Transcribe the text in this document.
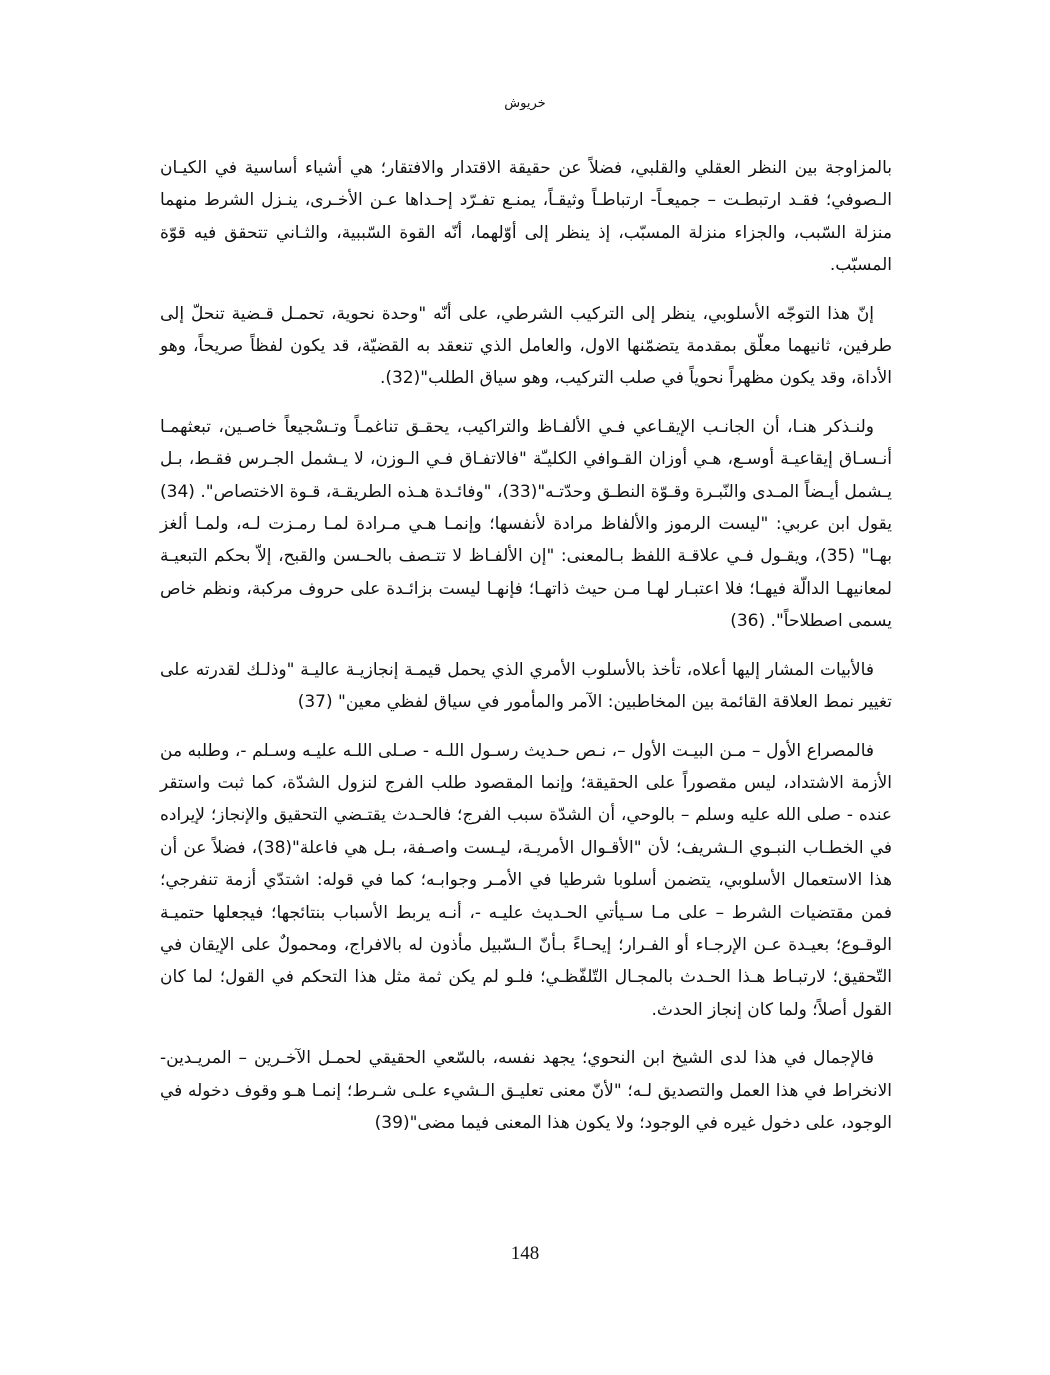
خريوش

بالمزاوجة بين النظر العقلي والقلبي، فضلاً عن حقيقة الاقتدار والافتقار؛ هي أشياء أساسية في الكيـان الـصوفي؛ فقـد ارتبطـت – جميعـاً- ارتباطـاً وثيقـاً، يمنـع تفـرّد إحـداها عـن الأخـرى، ينـزل الشرط منهما منزلة السّبب، والجزاء منزلة المسبّب، إذ ينظر إلى أوّلهما، أنّه القوة السّببية، والثـاني تتحقق فيه قوّة المسبّب.

إنّ هذا التوجّه الأسلوبي، ينظر إلى التركيب الشرطي، على أنّه "وحدة نحوية، تحمـل قـضية تنحلّ إلى طرفين، ثانيهما معلّق بمقدمة يتضمّنها الاول، والعامل الذي تنعقد به القضيّة، قد يكون لفظاً صريحاً، وهو الأداة، وقد يكون مظهراً نحوياً في صلب التركيب، وهو سياق الطلب"(32).

ولنـذكر هنـا، أن الجانـب الإيقـاعي فـي الألفـاظ والتراكيب، يحقـق تناغمـاً وتـسْجيعاً خاصـين، تبعثهمـا أنـسـاق إيقاعيـة أوسـع، هـي أوزان القـوافي الكليـّة "فالاتفـاق فـي الـوزن، لا يـشمل الجـرس فقـط، بـل يـشمل أيـضاً المـدى والنّبـرة وقـوّة النطـق وحدّتـه"(33)، "وفائـدة هـذه الطريقـة، قـوة الاختصاص". (34) يقول ابن عربي: "ليست الرموز والألفاظ مرادة لأنفسها؛ وإنمـا هـي مـرادة لمـا رمـزت لـه، ولمـا ألغز بهـا" (35)، ويقـول فـي علاقـة اللفظ بـالمعنى: "إن الألفـاظ لا تتـصف بالحـسن والقبح، إلاّ بحكم التبعيـة لمعانيهـا الدالّة فيهـا؛ فلا اعتبـار لهـا مـن حيث ذاتهـا؛ فإنهـا ليست بزائـدة على حروف مركبة، ونظم خاص يسمى اصطلاحاً". (36)

فالأبيات المشار إليها أعلاه، تأخذ بالأسلوب الأمري الذي يحمل قيمـة إنجازيـة عاليـة "وذلـك لقدرته على تغيير نمط العلاقة القائمة بين المخاطبين: الآمر والمأمور في سياق لفظي معين" (37)

فالمصراع الأول – مـن البيـت الأول –، نـص حـديث رسـول اللـه - صـلى اللـه عليـه وسـلم -، وطلبه من الأزمة الاشتداد، ليس مقصوراً على الحقيقة؛ وإنما المقصود طلب الفرج لنزول الشدّة، كما ثبت واستقر عنده - صلى الله عليه وسلم – بالوحي، أن الشدّة سبب الفرج؛ فالحـدث يقتـضي التحقيق والإنجاز؛ لإيراده في الخطـاب النبـوي الـشريف؛ لأن "الأقـوال الأمريـة، ليـست واصـفة، بـل هي فاعلة"(38)، فضلاً عن أن هذا الاستعمال الأسلوبي، يتضمن أسلوبا شرطيا في الأمـر وجوابـه؛ كما في قوله: اشتدّي أزمة تنفرجي؛ فمن مقتضيات الشرط – على مـا سـيأتي الحـديث عليـه -، أنـه يربط الأسباب بنتائجها؛ فيجعلها حتميـة الوقـوع؛ بعيـدة عـن الإرجـاء أو الفـرار؛ إيحـاءً بـأنّ الـسّبيل مأذون له بالافراج، ومحمولٌ على الإيقان في التّحقيق؛ لارتبـاط هـذا الحـدث بالمجـال التّلفّظـي؛ فلـو لم يكن ثمة مثل هذا التحكم في القول؛ لما كان القول أصلاً؛ ولما كان إنجاز الحدث.

فالإجمال في هذا لدى الشيخ ابن النحوي؛ يجهد نفسه، بالسّعي الحقيقي لحمـل الآخـرين – المريـدين- الانخراط في هذا العمل والتصديق لـه؛ "لأنّ معنى تعليـق الـشيء علـى شـرط؛ إنمـا هـو وقوف دخوله في الوجود، على دخول غيره في الوجود؛ ولا يكون هذا المعنى فيما مضى"(39)

148
